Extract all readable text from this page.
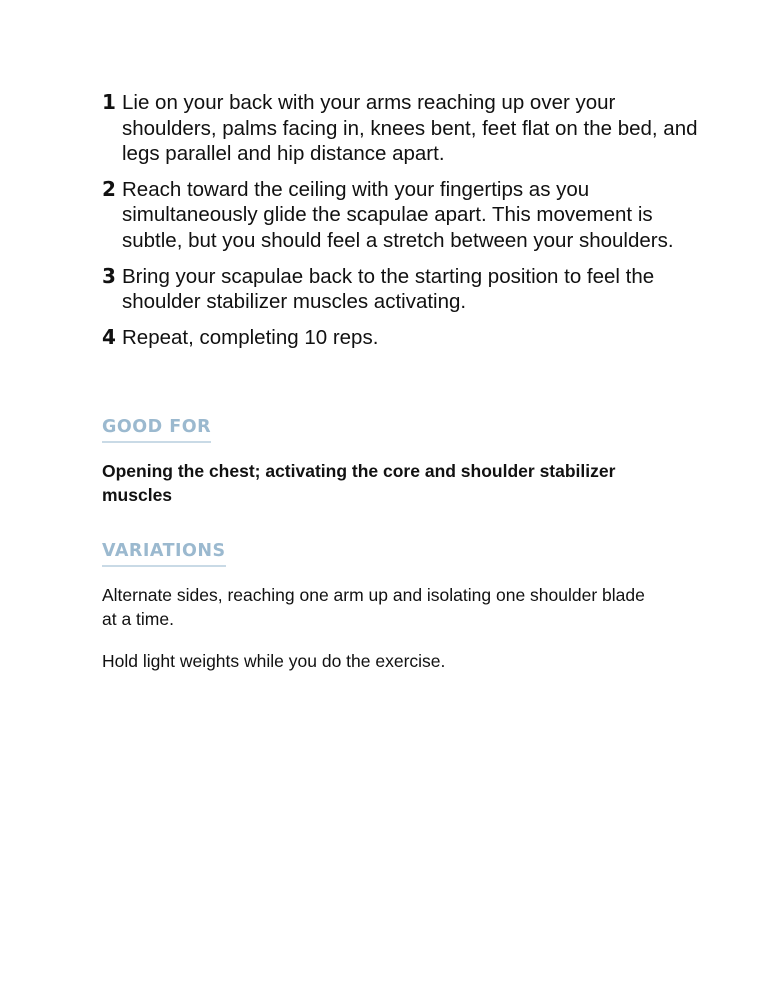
1 Lie on your back with your arms reaching up over your shoulders, palms facing in, knees bent, feet flat on the bed, and legs parallel and hip distance apart.
2 Reach toward the ceiling with your fingertips as you simultaneously glide the scapulae apart. This movement is subtle, but you should feel a stretch between your shoulders.
3 Bring your scapulae back to the starting position to feel the shoulder stabilizer muscles activating.
4 Repeat, completing 10 reps.
GOOD FOR

Opening the chest; activating the core and shoulder stabilizer muscles

VARIATIONS

Alternate sides, reaching one arm up and isolating one shoulder blade at a time.

Hold light weights while you do the exercise.
